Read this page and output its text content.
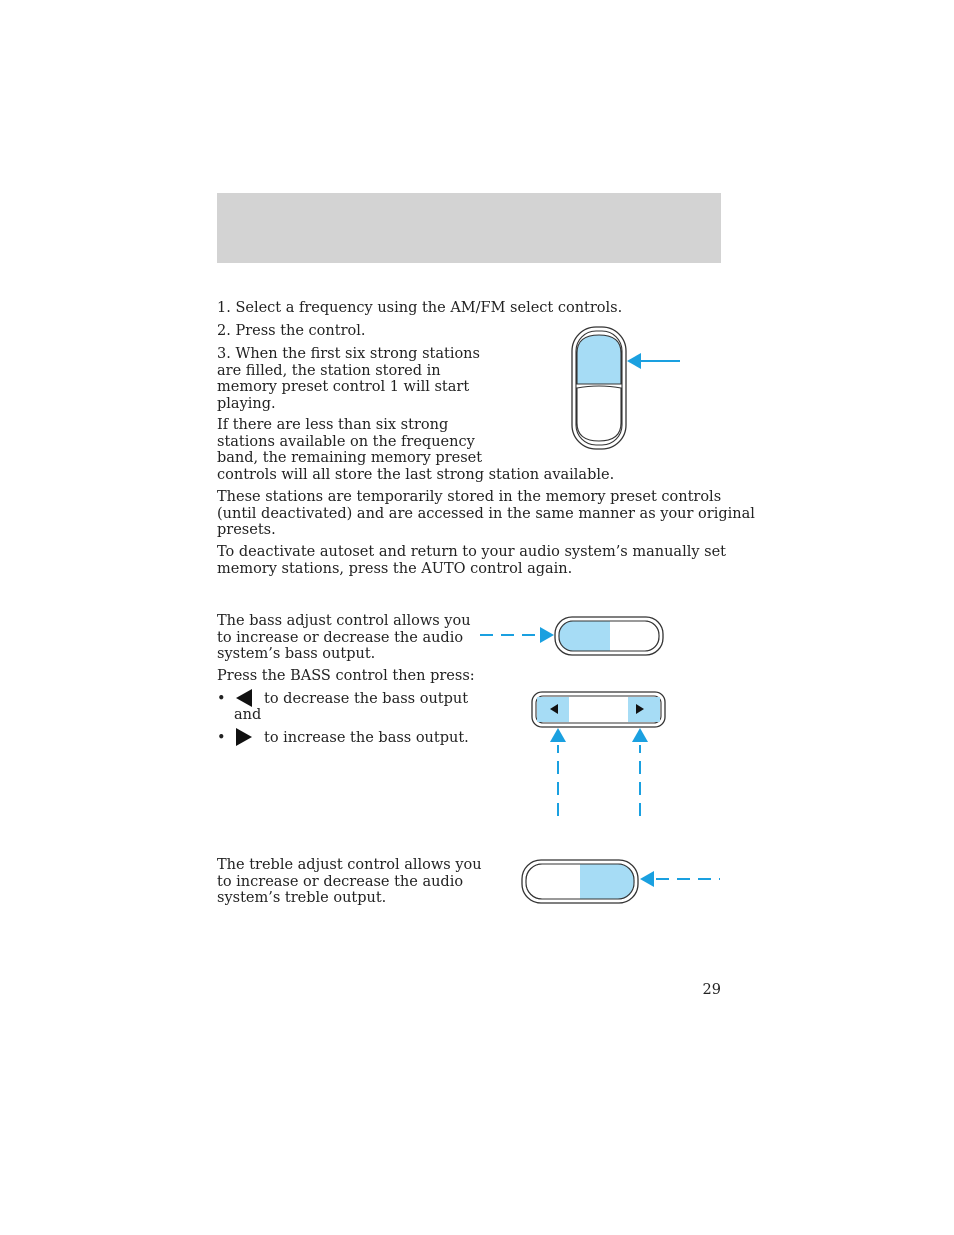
1. Select a frequency using the AM/FM select controls.

2. Press the control.

3. When the first six strong stations
are filled, the station stored in
memory preset control 1 will start
playing.

If there are less than six strong
stations available on the frequency
band, the remaining memory preset
controls will all store the last strong station available.

These stations are temporarily stored in the memory preset controls
(until deactivated) and are accessed in the same manner as your original
presets.

To deactivate autoset and return to your audio system’s manually set
memory stations, press the AUTO control again.

The bass adjust control allows you
to increase or decrease the audio
system’s bass output.

Press the BASS control then press:

•	to decrease the bass output
and
•	to increase the bass output.

The treble adjust control allows you
to increase or decrease the audio
system’s treble output.

29
